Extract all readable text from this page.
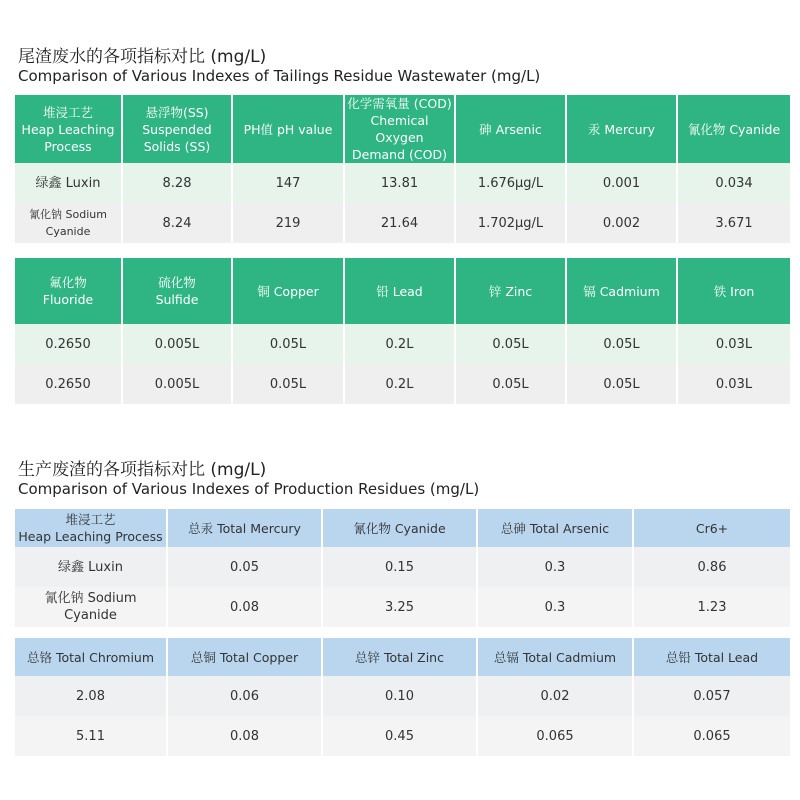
尾渣废水的各项指标对比 (mg/L)
Comparison of Various Indexes of Tailings Residue Wastewater (mg/L)
堆浸工艺
Heap Leaching
Process	悬浮物(SS)
Suspended
Solids (SS)	PH值 pH value	化学需氧量 (COD)
Chemical Oxygen
Demand (COD)	砷 Arsenic	汞 Mercury	氰化物 Cyanide
绿鑫 Luxin	8.28	147	13.81	1.676μg/L	0.001	0.034
氰化钠 Sodium Cyanide	8.24	219	21.64	1.702μg/L	0.002	3.671
氟化物
Fluoride	硫化物
Sulfide	铜 Copper	铅 Lead	锌 Zinc	镉 Cadmium	铁 Iron
0.2650	0.005L	0.05L	0.2L	0.05L	0.05L	0.03L
0.2650	0.005L	0.05L	0.2L	0.05L	0.05L	0.03L
生产废渣的各项指标对比 (mg/L)
Comparison of Various Indexes of Production Residues (mg/L)
堆浸工艺
Heap Leaching Process	总汞 Total Mercury	氰化物 Cyanide	总砷 Total Arsenic	Cr6+
绿鑫 Luxin	0.05	0.15	0.3	0.86
氰化钠 Sodium Cyanide	0.08	3.25	0.3	1.23
总铬 Total Chromium	总铜 Total Copper	总锌 Total Zinc	总镉 Total Cadmium	总铅 Total Lead
2.08	0.06	0.10	0.02	0.057
5.11	0.08	0.45	0.065	0.065
